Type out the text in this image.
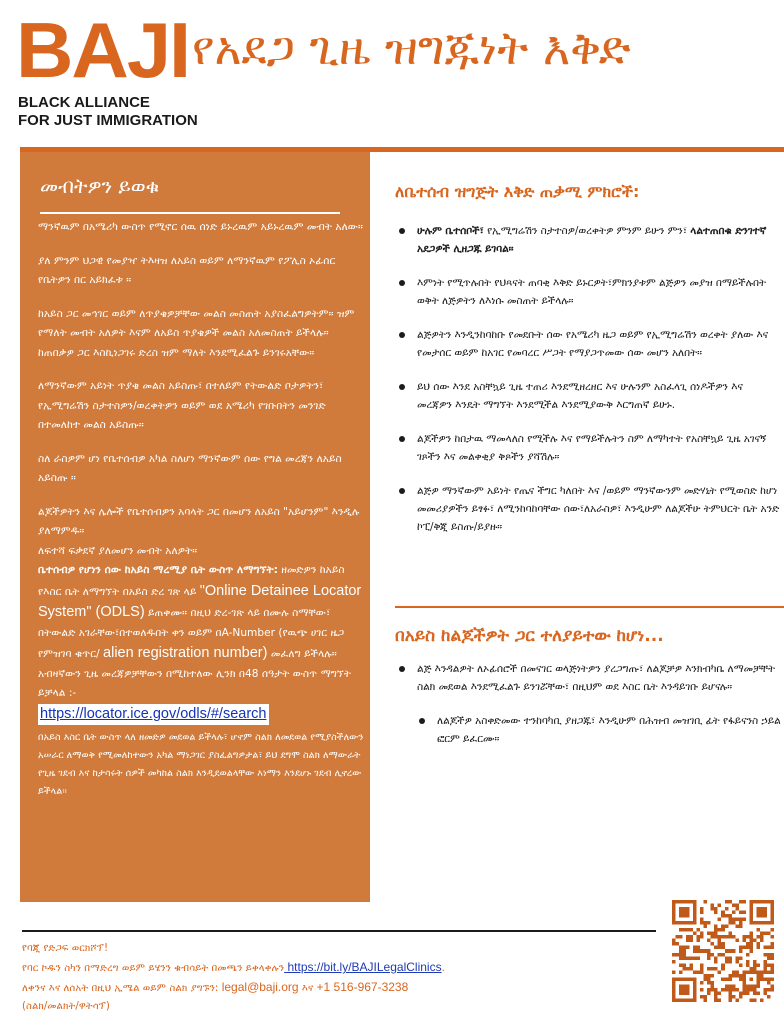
BAJI
BLACK ALLIANCE
FOR JUST IMMIGRATION
የአደጋ ጊዜ ዝግጁነት እቅድ
መብትዎን ይወቁ

ማንኛዉም በአሜሪካ ውስጥ የሚኖር ሰዉ ሰነድ ይኑረዉም አይኑረዉም መብት አለው።

ያለ ምንም ህጋዊ የመያዣ ትእዛዝ ለአይስ ወይም ለማንኛዉም የፖሊስ ኦፊሰር የቤትዎን በር አይክፈቱ ።

ከአይስ ጋር መኅገር ወይም ለጥያቄዎቻቸው መልስ መስጠት አያስፈልግዎትም። ዝም የማለት መብት አለዎት እናም ለአይስ ጥያቄዎች መልስ አለመስጠት ይችላሉ። ከጠበቃዎ ጋር እስኪነጋገሩ ድረስ ዝም ማለት እንደሚፈልጉ ይንገሩአቸው።

ለማንኛውም አይነት ጥያቄ መልስ አይስጡ፣ በተለይም የትውልድ ቦታዎትን፣ የኢሚግሬሽን ስታተስዎን/ወረቀትዎን ወይም ወደ አሜሪካ የገቡበትን መንገድ በተመለከተ መልስ አይስጡ።

ስለ ራስዎም ሆነ የቤተሰብዎ አካል ስለሆነ ማንኛውም ሰው የግል መረጃን ለአይስ አይስጡ ።

ልጆችዎትን እና ሌሎች የቤተሰብዎን አባላት ጋር በመሆን ለአይስ "አይሆንም" እንዲሉ ያለማምዱ።

ለፍተሻ ፍቃደኛ ያለመሆን መብት አለዎት።

ቤተሰብዎ የሆነን ሰው ከአይስ ማረሚያ ቤት ውስጥ ለማግኘት: ዘመድዎን ከአይስ የእስር ቤት ለማግኘት በአይስ ድረ ገጽ ላይ "Online Detainee Locator System" (ODLS) ይጠቀሙ። በዚህ ድረ-ገጽ ላይ በሙሉ ስማቸው፣ በትውልድ አገራቸው፣በተወለዱበት ቀን ወይም በA-Number (የዉጭ ሀገር ዜጋ የምዝገባ ቁጥር/ alien registration number) መፈለግ ይችላሉ።

አብዛኛውን ጊዜ መረጃዎቻቸውን በሚከተለው ሊንክ በ48 ሰዓታት ውስጥ ማግኘት ይቻላል :-

https://locator.ice.gov/odls/#/search

በአይስ እስር ቤት ውስጥ ላለ ዘመድዎ መደወል ይችላሉ፣ ሆኖም ስልክ ለመደወል የሚያስችለውን አሠራር ለማወቅ የሚመለከተውን አካል ማነጋገር ያስፈልግዎታል፣ ይህ ደግሞ ስልክ ለማውራት የጊዜ ገደብ እና ከታሳሩት ሰዎች መካከል ስልክ እንዲደወልላቸው እነማን እንደሆኑ ገደብ ሊኖረው ይችላል።

ለቤተሰብ ዝግጅት እቅድ ጠቃሚ ምክሮች:
ሁሉም ቤተሰቦች፣ የኢሚግሬሽን ስታተስዎ/ወረቀትዎ ምንም ይሁን ምን፣ ላልተጠበቁ ድንገተኛ አደጋዎች ሊዘጋጁ ይገባል።
እምነት የሚጥሉበት የህጻናት ጠባቂ እቅድ ይኑርዎት፣ምክንያቱም ልጅዎን መያዝ በማይችሉበት ወቅት ለጅዎትን ለእነሱ መስጠት ይችላሉ።
ልጅዎትን እንዲንከባከቡ የመደቡት ሰው የአሜሪካ ዜጋ ወይም የኢሚግሬሽን ወረቀት ያለው እና የመታሰር ወይም ከአገር የመባረር ሥጋት የማያጋጥመው ሰው መሆን አለበት።
ይህ ሰው እንደ አስቸኳይ ጊዜ ተጠሪ እንደሚዘረዘር እና ሁሉንም አስፈላጊ ሰነዶችዎን እና መረጃዎን እንዴት ማግኘት እንደሚችል እንደሚያውቅ እርግጠኛ ይሁኑ.
ልጆችዎን ከበታዉ ማመላለስ የሚችሉ እና የማይችሉትን ስም ለማካተት የአስቸኳይ ጊዜ አገናኝ ገጾችን እና መልቀቂያ ቅጾችን ያሻሽሉ።
ልጅዎ ማንኛውም አይነት የጤና ችግር ካለበት እና /ወይም ማንኛውንም መድሃኒት የሚወስድ ከሆነ መመሪያዎችን ይፃፉ፣ ለሚንከባከባቸው ሰው፣ለአራስዎ፣ እንዲሁም ለልጆችሁ ትምህርት ቤት አንድ ኮፒ/ቅጂ ይስጡ/ይያዙ።
በአይስ ከልጆችዎት ጋር ተለያይተው ከሆነ...
ልጅ እንዳልዎት ለኦፊሰሮች በመናገር ወላጅነትዎን ያረጋግጡ፣ ለልጆቻዎ እንክብካቤ ለማመቻቸት ስልክ መደወል እንደሚፈልጉ ይንገሯቸው፣ በዚህም ወደ እስር ቤት እንዳይገቡ ይሆናሉ።
ለልጆችዎ አስቀድመው ተንከባካቢ ያዘጋጁ፣ እንዲሁም በሕዝብ መዝገቢ ፊት የፋይናንስ ኃይል ፎርም ይፈርሙ።
የባጂ የድጋፍ ወርክሾፕ!
የባር ኮዱን ስካን በማድረግ ወይም ይሄንን ቁብሳይት በመጫን ይቀላቀሉን https://bit.ly/BAJILegalClinics.
ለቀንና እና ለሰአት በዚህ ኢሜል ወይም ስልክ ያግኙን: legal@baji.org እና +1 516-967-3238
(ስልክ/መልክት/ዋትሳፕ)
